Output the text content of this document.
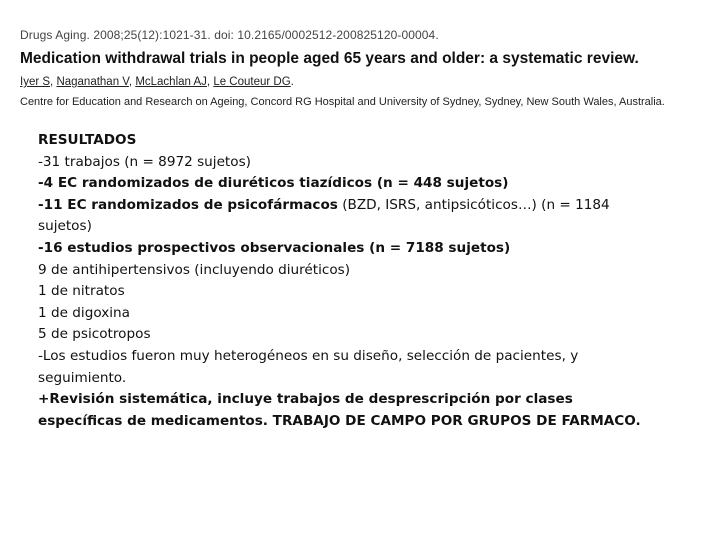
Drugs Aging. 2008;25(12):1021-31. doi: 10.2165/0002512-200825120-00004.
Medication withdrawal trials in people aged 65 years and older: a systematic review.
Iyer S, Naganathan V, McLachlan AJ, Le Couteur DG.
Centre for Education and Research on Ageing, Concord RG Hospital and University of Sydney, Sydney, New South Wales, Australia.
RESULTADOS
-31 trabajos (n = 8972 sujetos)
-4 EC randomizados de diuréticos tiazídicos (n = 448 sujetos)
-11 EC randomizados de psicofármacos (BZD, ISRS, antipsicóticos…) (n = 1184
sujetos)
-16 estudios prospectivos observacionales (n = 7188 sujetos)
9 de antihipertensivos (incluyendo diuréticos)
1 de nitratos
1 de digoxina
5 de psicotropos
-Los estudios fueron muy heterogéneos en su diseño, selección de pacientes, y
seguimiento.
+Revisión sistemática, incluye trabajos de desprescripción por clases
específicas de medicamentos. TRABAJO DE CAMPO POR GRUPOS DE FARMACO.
